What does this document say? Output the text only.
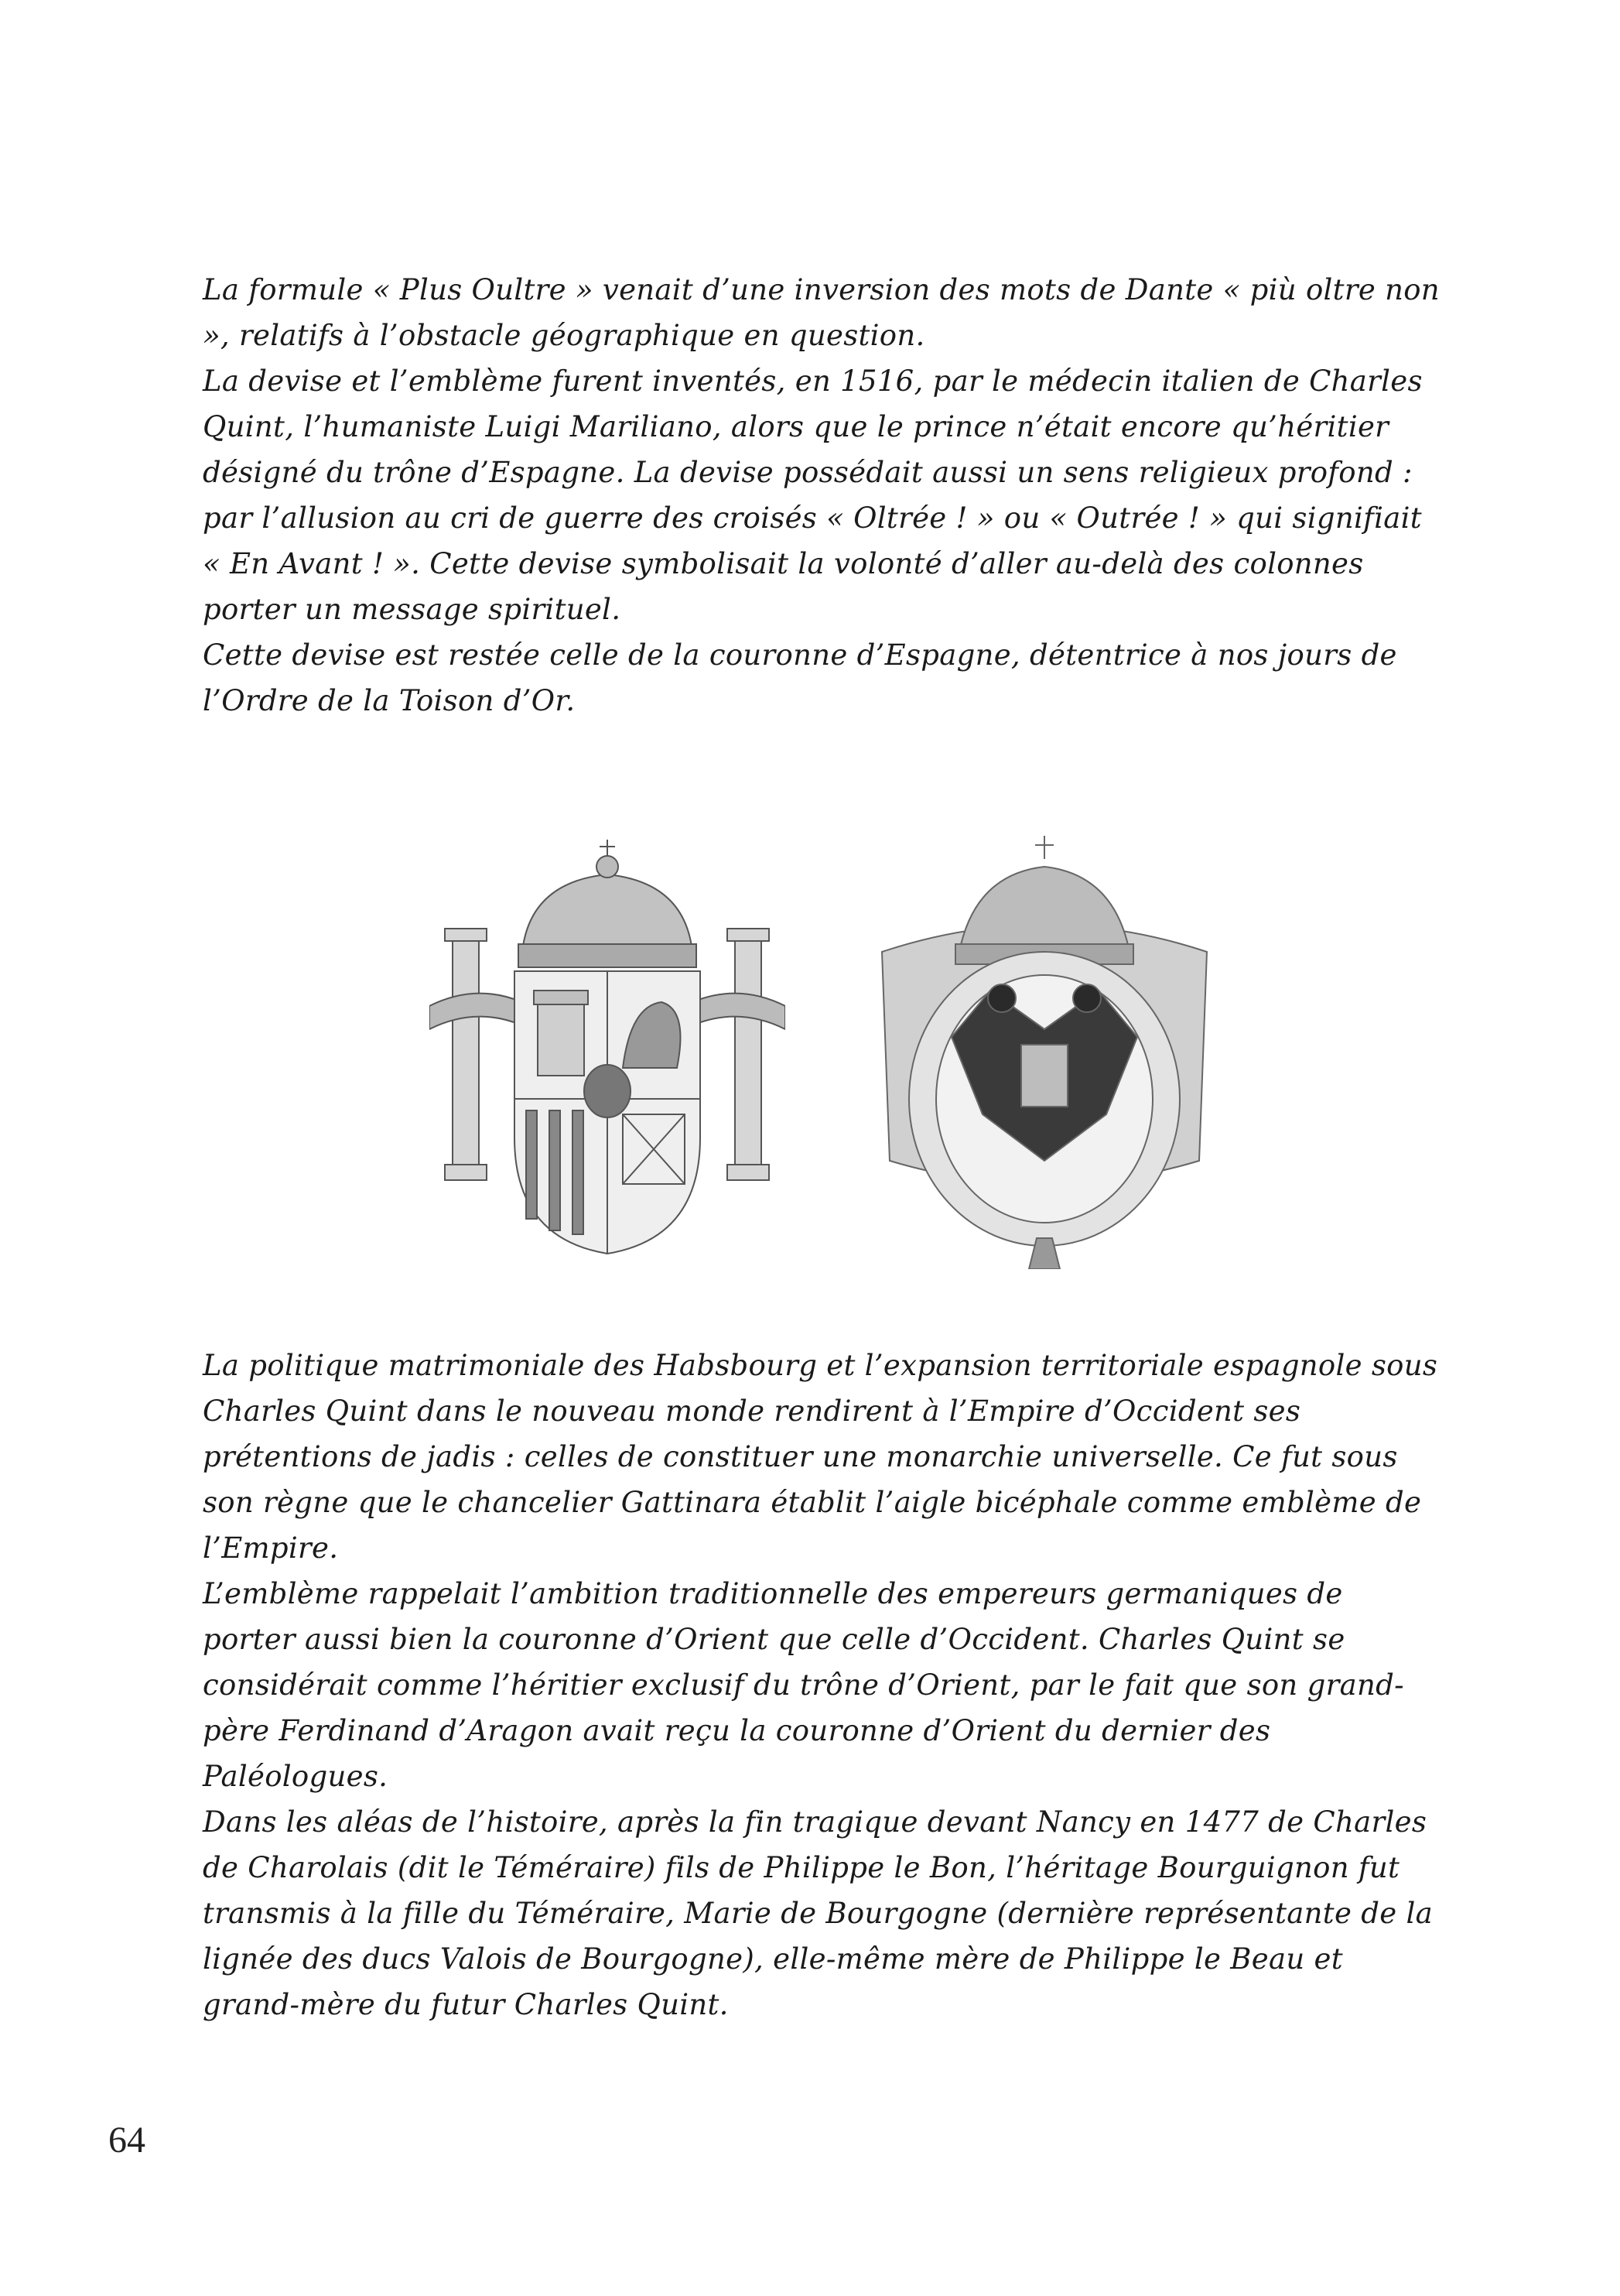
La formule « Plus Oultre » venait d’une inversion des mots de Dante « più oltre non », relatifs à l’obstacle géographique en question.

La devise et l’emblème furent inventés, en 1516, par le médecin italien de Charles Quint, l’humaniste Luigi Mariliano, alors que le prince n’était encore qu’héritier désigné du trône d’Espagne. La devise possédait aussi un sens religieux profond : par l’allusion au cri de guerre des croisés « Oltrée ! » ou « Outrée ! » qui signifiait « En Avant ! ». Cette devise symbolisait la volonté d’aller au-delà des colonnes porter un message spirituel.

Cette devise est restée celle de la couronne d’Espagne, détentrice à nos jours de l’Ordre de la Toison d’Or.

La politique matrimoniale des Habsbourg et l’expansion territoriale espagnole sous Charles Quint dans le nouveau monde rendirent à l’Empire d’Occident ses prétentions de jadis : celles de constituer une monarchie universelle. Ce fut sous son règne que le chancelier Gattinara établit l’aigle bicéphale comme emblème de l’Empire.

L’emblème rappelait l’ambition traditionnelle des empereurs germaniques de porter aussi bien la couronne d’Orient que celle d’Occident. Charles Quint se considérait comme l’héritier exclusif du trône d’Orient, par le fait que son grand-père Ferdinand d’Aragon avait reçu la couronne d’Orient du dernier des Paléologues.

Dans les aléas de l’histoire, après la fin tragique devant Nancy en 1477 de Charles de Charolais (dit le Téméraire) fils de Philippe le Bon, l’héritage Bourguignon fut transmis à la fille du Téméraire, Marie de Bourgogne (dernière représentante de la lignée des ducs Valois de Bourgogne), elle-même mère de Philippe le Beau et grand-mère du futur Charles Quint.

64
